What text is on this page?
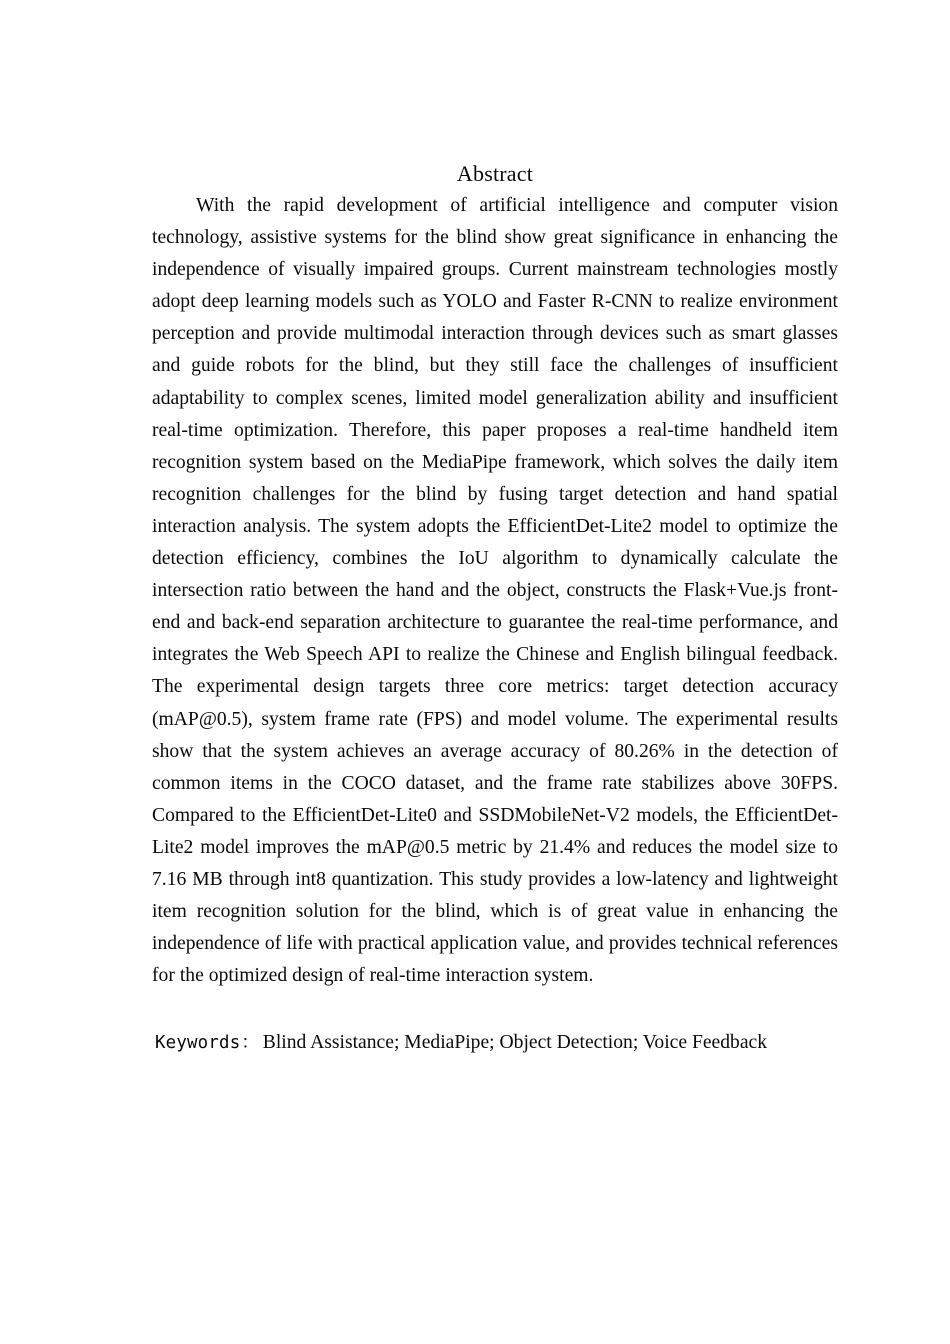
Abstract

With the rapid development of artificial intelligence and computer vision technology, assistive systems for the blind show great significance in enhancing the independence of visually impaired groups. Current mainstream technologies mostly adopt deep learning models such as YOLO and Faster R-CNN to realize environment perception and provide multimodal interaction through devices such as smart glasses and guide robots for the blind, but they still face the challenges of insufficient adaptability to complex scenes, limited model generalization ability and insufficient real-time optimization. Therefore, this paper proposes a real-time handheld item recognition system based on the MediaPipe framework, which solves the daily item recognition challenges for the blind by fusing target detection and hand spatial interaction analysis. The system adopts the EfficientDet-Lite2 model to optimize the detection efficiency, combines the IoU algorithm to dynamically calculate the intersection ratio between the hand and the object, constructs the Flask+Vue.js front-end and back-end separation architecture to guarantee the real-time performance, and integrates the Web Speech API to realize the Chinese and English bilingual feedback. The experimental design targets three core metrics: target detection accuracy (mAP@0.5), system frame rate (FPS) and model volume. The experimental results show that the system achieves an average accuracy of 80.26% in the detection of common items in the COCO dataset, and the frame rate stabilizes above 30FPS. Compared to the EfficientDet-Lite0 and SSDMobileNet-V2 models, the EfficientDet-Lite2 model improves the mAP@0.5 metric by 21.4% and reduces the model size to 7.16 MB through int8 quantization. This study provides a low-latency and lightweight item recognition solution for the blind, which is of great value in enhancing the independence of life with practical application value, and provides technical references for the optimized design of real-time interaction system.

Keywords： Blind Assistance; MediaPipe; Object Detection; Voice Feedback
